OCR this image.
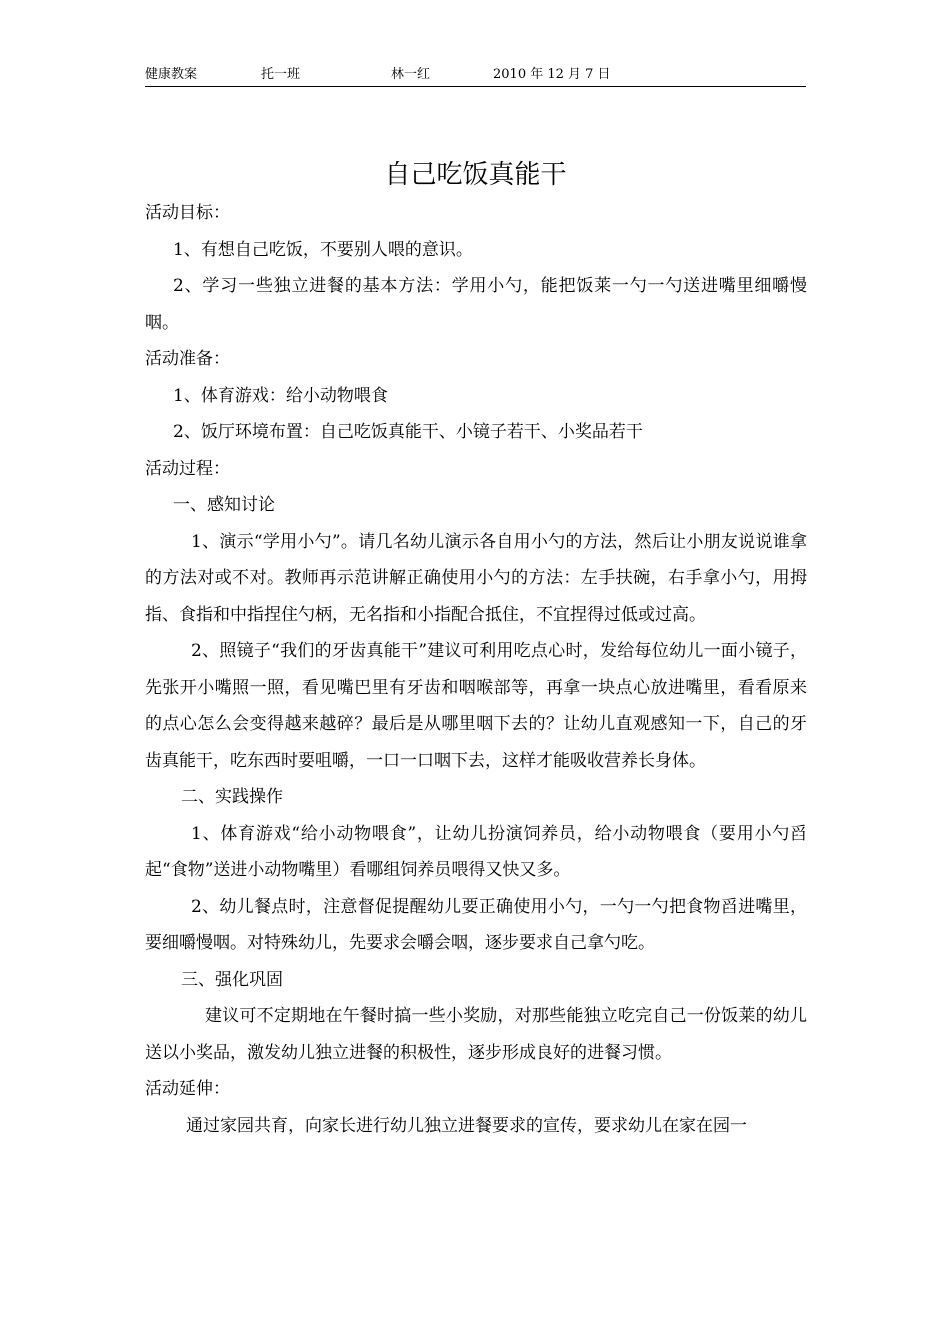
健康教案	托一班	林一红	2010 年 12 月 7 日
自己吃饭真能干

活动目标：

1、有想自己吃饭，不要别人喂的意识。

2、学习一些独立进餐的基本方法：学用小勺，能把饭莱一勺一勺送进嘴里细嚼慢咽。

活动准备：

1、体育游戏：给小动物喂食

2、饭厅环境布置：自己吃饭真能干、小镜子若干、小奖品若干

活动过程：

一、感知讨论

1、演示“学用小勺”。请几名幼儿演示各自用小勺的方法，然后让小朋友说说谁拿的方法对或不对。教师再示范讲解正确使用小勺的方法：左手扶碗，右手拿小勺，用拇指、食指和中指捏住勺柄，无名指和小指配合抵住，不宜捏得过低或过高。

2、照镜子“我们的牙齿真能干”建议可利用吃点心时，发给每位幼儿一面小镜子，先张开小嘴照一照，看见嘴巴里有牙齿和咽喉部等，再拿一块点心放进嘴里，看看原来的点心怎么会变得越来越碎？最后是从哪里咽下去的？让幼儿直观感知一下，自己的牙齿真能干，吃东西时要咀嚼，一口一口咽下去，这样才能吸收营养长身体。

二、实践操作

1、体育游戏“给小动物喂食”，让幼儿扮演饲养员，给小动物喂食（要用小勺舀起“食物”送进小动物嘴里）看哪组饲养员喂得又快又多。

2、幼儿餐点时，注意督促提醒幼儿要正确使用小勺，一勺一勺把食物舀进嘴里，要细嚼慢咽。对特殊幼儿，先要求会嚼会咽，逐步要求自己拿勺吃。

三、强化巩固

建议可不定期地在午餐时搞一些小奖励，对那些能独立吃完自己一份饭莱的幼儿送以小奖品，激发幼儿独立进餐的积极性，逐步形成良好的进餐习惯。

活动延伸：

通过家园共育，向家长进行幼儿独立进餐要求的宣传，要求幼儿在家在园一
